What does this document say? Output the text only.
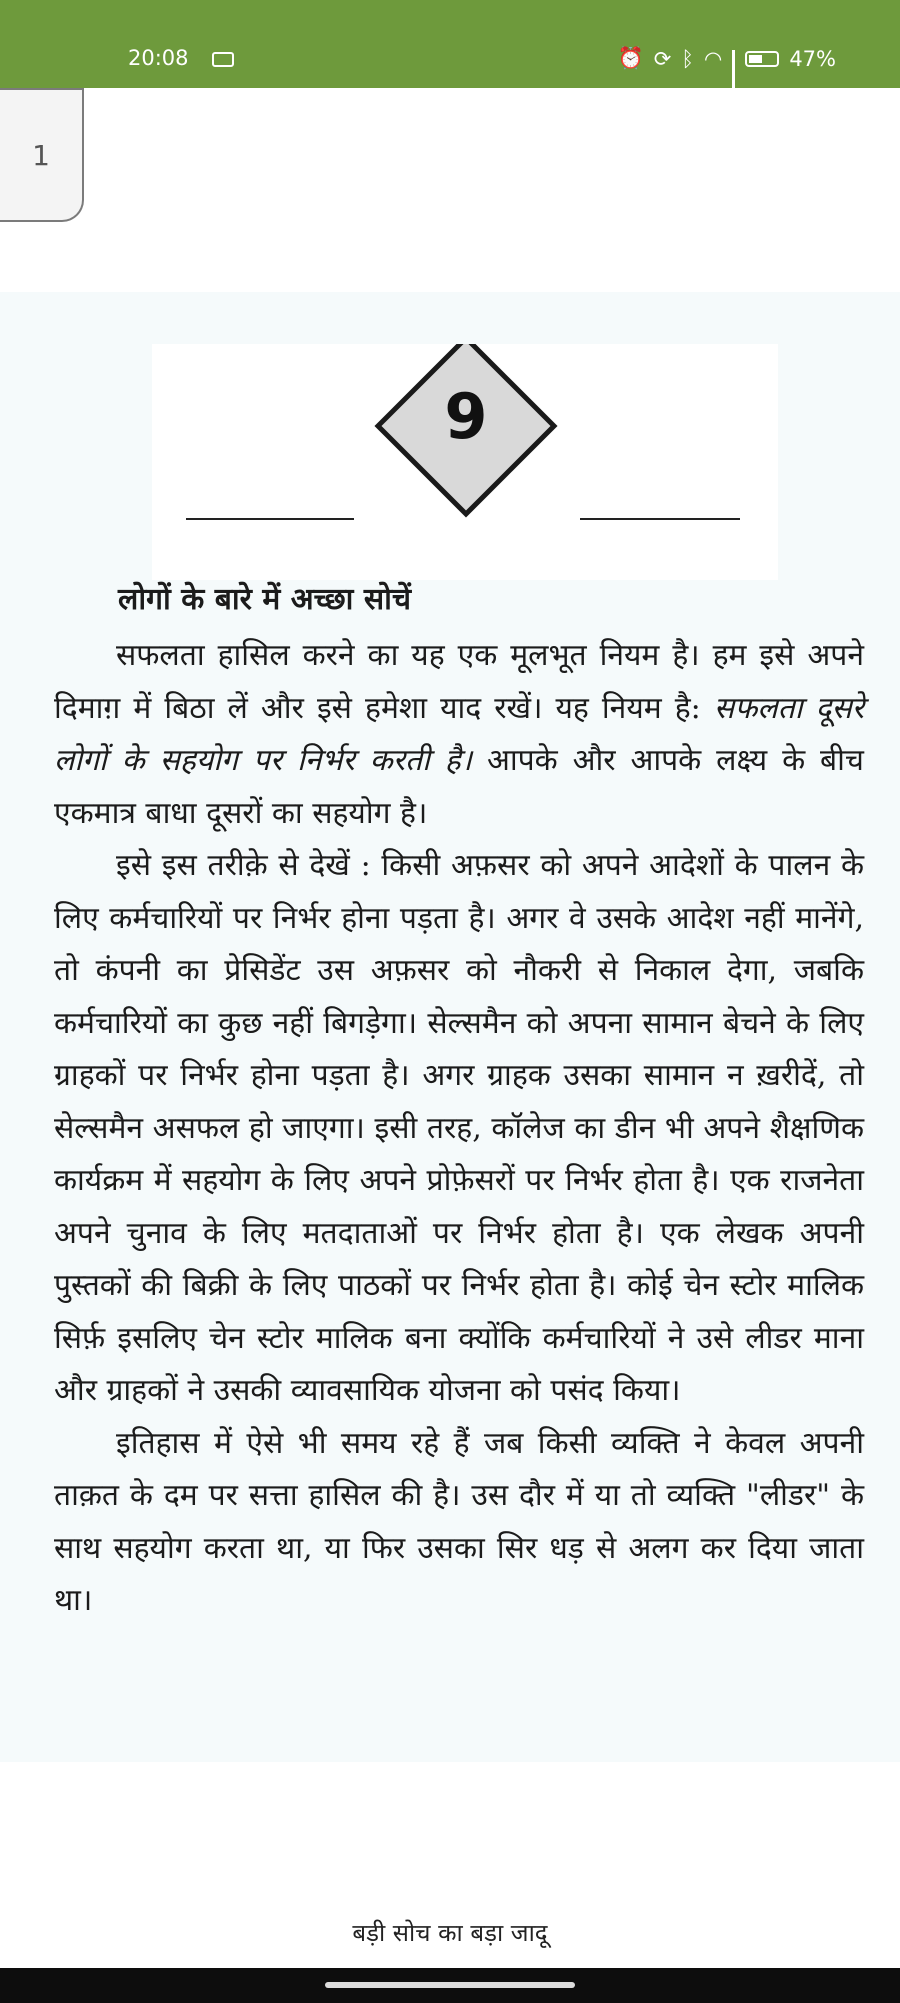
20:08	⏰ ⟳ ᛒ ◠	47%
1
9
लोगों के बारे में अच्छा सोचें

सफलता हासिल करने का यह एक मूलभूत नियम है। हम इसे अपने दिमाग़ में बिठा लें और इसे हमेशा याद रखें। यह नियम है: सफलता दूसरे लोगों के सहयोग पर निर्भर करती है। आपके और आपके लक्ष्य के बीच एकमात्र बाधा दूसरों का सहयोग है।

इसे इस तरीक़े से देखें : किसी अफ़सर को अपने आदेशों के पालन के लिए कर्मचारियों पर निर्भर होना पड़ता है। अगर वे उसके आदेश नहीं मानेंगे, तो कंपनी का प्रेसिडेंट उस अफ़सर को नौकरी से निकाल देगा, जबकि कर्मचारियों का कुछ नहीं बिगड़ेगा। सेल्समैन को अपना सामान बेचने के लिए ग्राहकों पर निर्भर होना पड़ता है। अगर ग्राहक उसका सामान न ख़रीदें, तो सेल्समैन असफल हो जाएगा। इसी तरह, कॉलेज का डीन भी अपने शैक्षणिक कार्यक्रम में सहयोग के लिए अपने प्रोफ़ेसरों पर निर्भर होता है। एक राजनेता अपने चुनाव के लिए मतदाताओं पर निर्भर होता है। एक लेखक अपनी पुस्तकों की बिक्री के लिए पाठकों पर निर्भर होता है। कोई चेन स्टोर मालिक सिर्फ़ इसलिए चेन स्टोर मालिक बना क्योंकि कर्मचारियों ने उसे लीडर माना और ग्राहकों ने उसकी व्यावसायिक योजना को पसंद किया।

इतिहास में ऐसे भी समय रहे हैं जब किसी व्यक्ति ने केवल अपनी ताक़त के दम पर सत्ता हासिल की है। उस दौर में या तो व्यक्ति "लीडर" के साथ सहयोग करता था, या फिर उसका सिर धड़ से अलग कर दिया जाता था।

बड़ी सोच का बड़ा जादू
